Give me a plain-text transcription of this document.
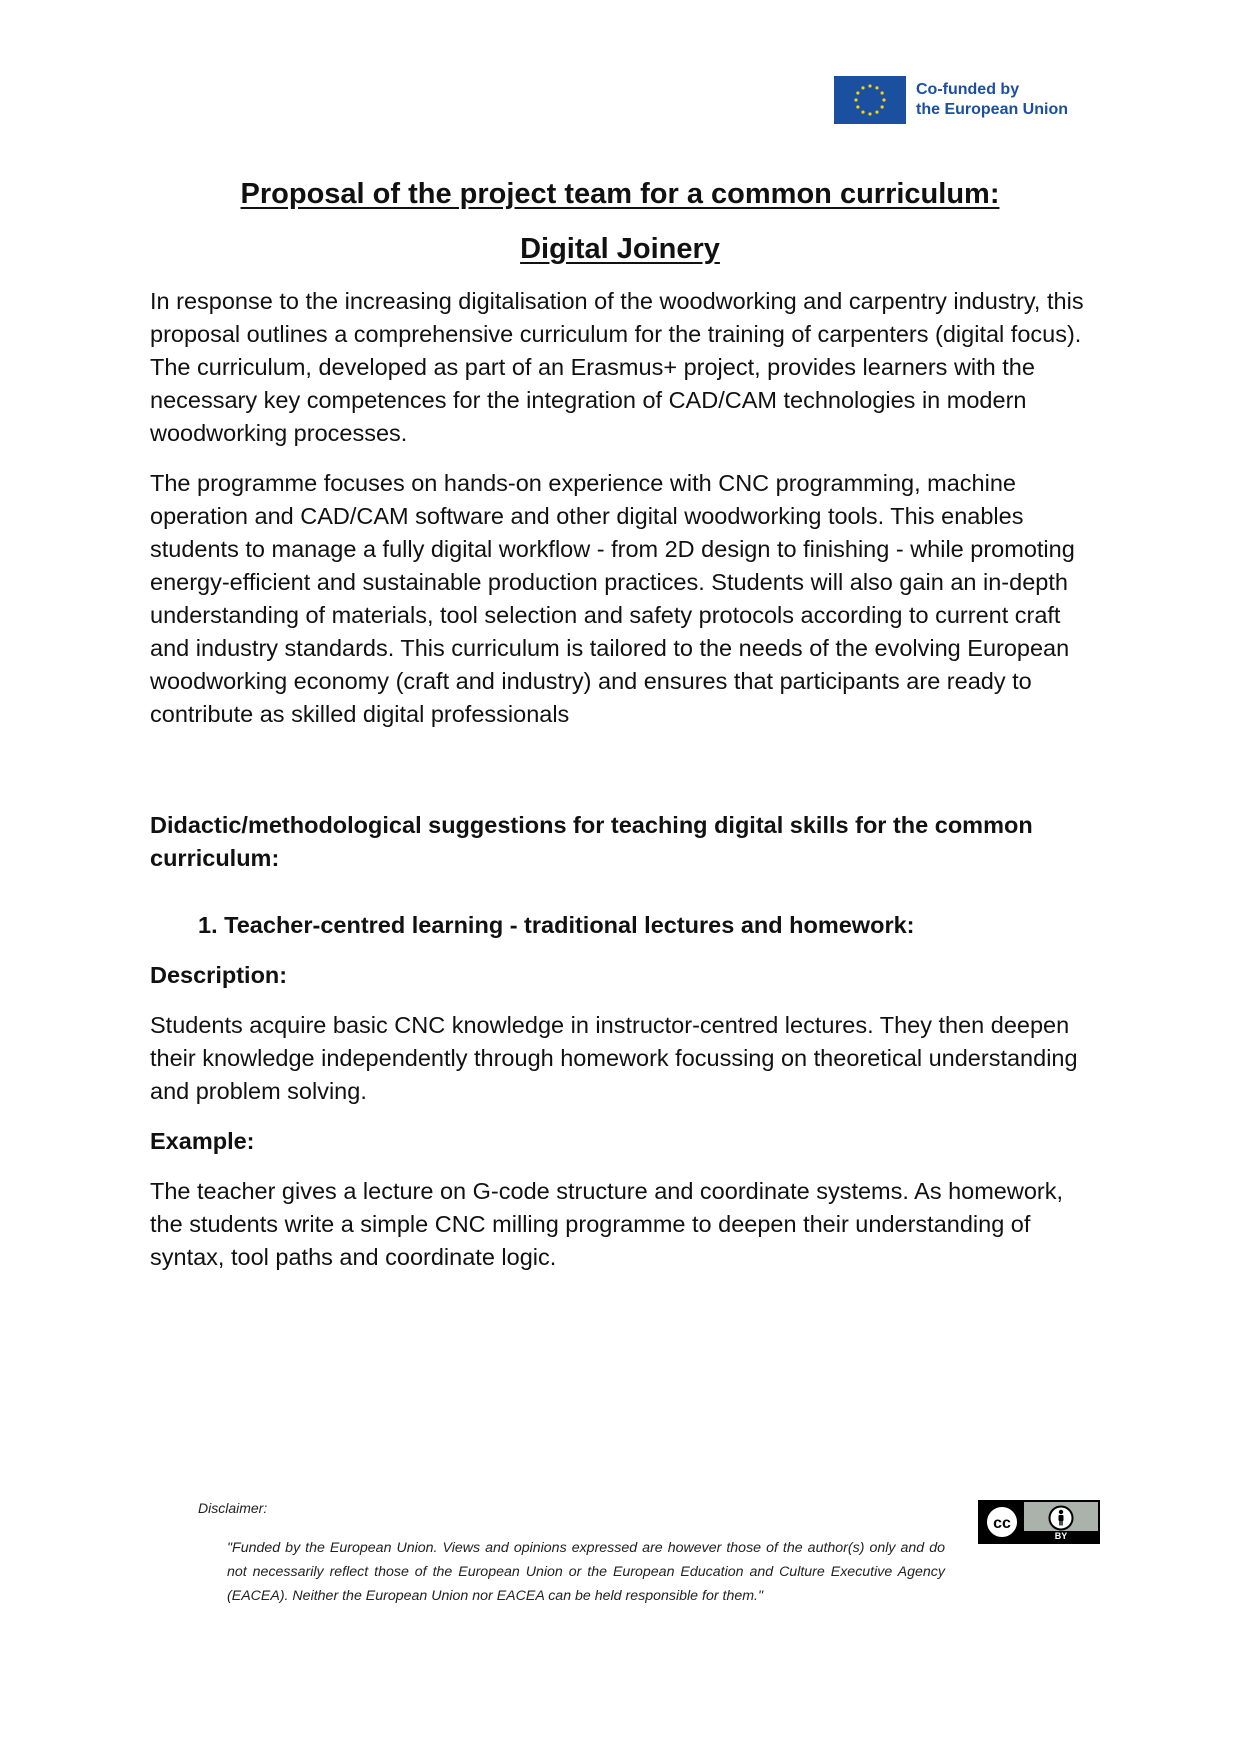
Co-funded by
the European Union
Proposal of the project team for a common curriculum:
Digital Joinery

In response to the increasing digitalisation of the woodworking and carpentry industry, this proposal outlines a comprehensive curriculum for the training of carpenters (digital focus). The curriculum, developed as part of an Erasmus+ project, provides learners with the necessary key competences for the integration of CAD/CAM technologies in modern woodworking processes.

The programme focuses on hands-on experience with CNC programming, machine operation and CAD/CAM software and other digital woodworking tools. This enables students to manage a fully digital workflow - from 2D design to finishing - while promoting energy-efficient and sustainable production practices. Students will also gain an in-depth understanding of materials, tool selection and safety protocols according to current craft and industry standards. This curriculum is tailored to the needs of the evolving European woodworking economy (craft and industry) and ensures that participants are ready to contribute as skilled digital professionals

Didactic/methodological suggestions for teaching digital skills for the common curriculum:

1. Teacher-centred learning - traditional lectures and homework:

Description:

Students acquire basic CNC knowledge in instructor-centred lectures. They then deepen their knowledge independently through homework focussing on theoretical understanding and problem solving.

Example:

The teacher gives a lecture on G-code structure and coordinate systems. As homework, the students write a simple CNC milling programme to deepen their understanding of syntax, tool paths and coordinate logic.

Disclaimer:
"Funded by the European Union. Views and opinions expressed are however those of the author(s) only and do not necessarily reflect those of the European Union or the European Education and Culture Executive Agency (EACEA). Neither the European Union nor EACEA can be held responsible for them."
cc
BY
